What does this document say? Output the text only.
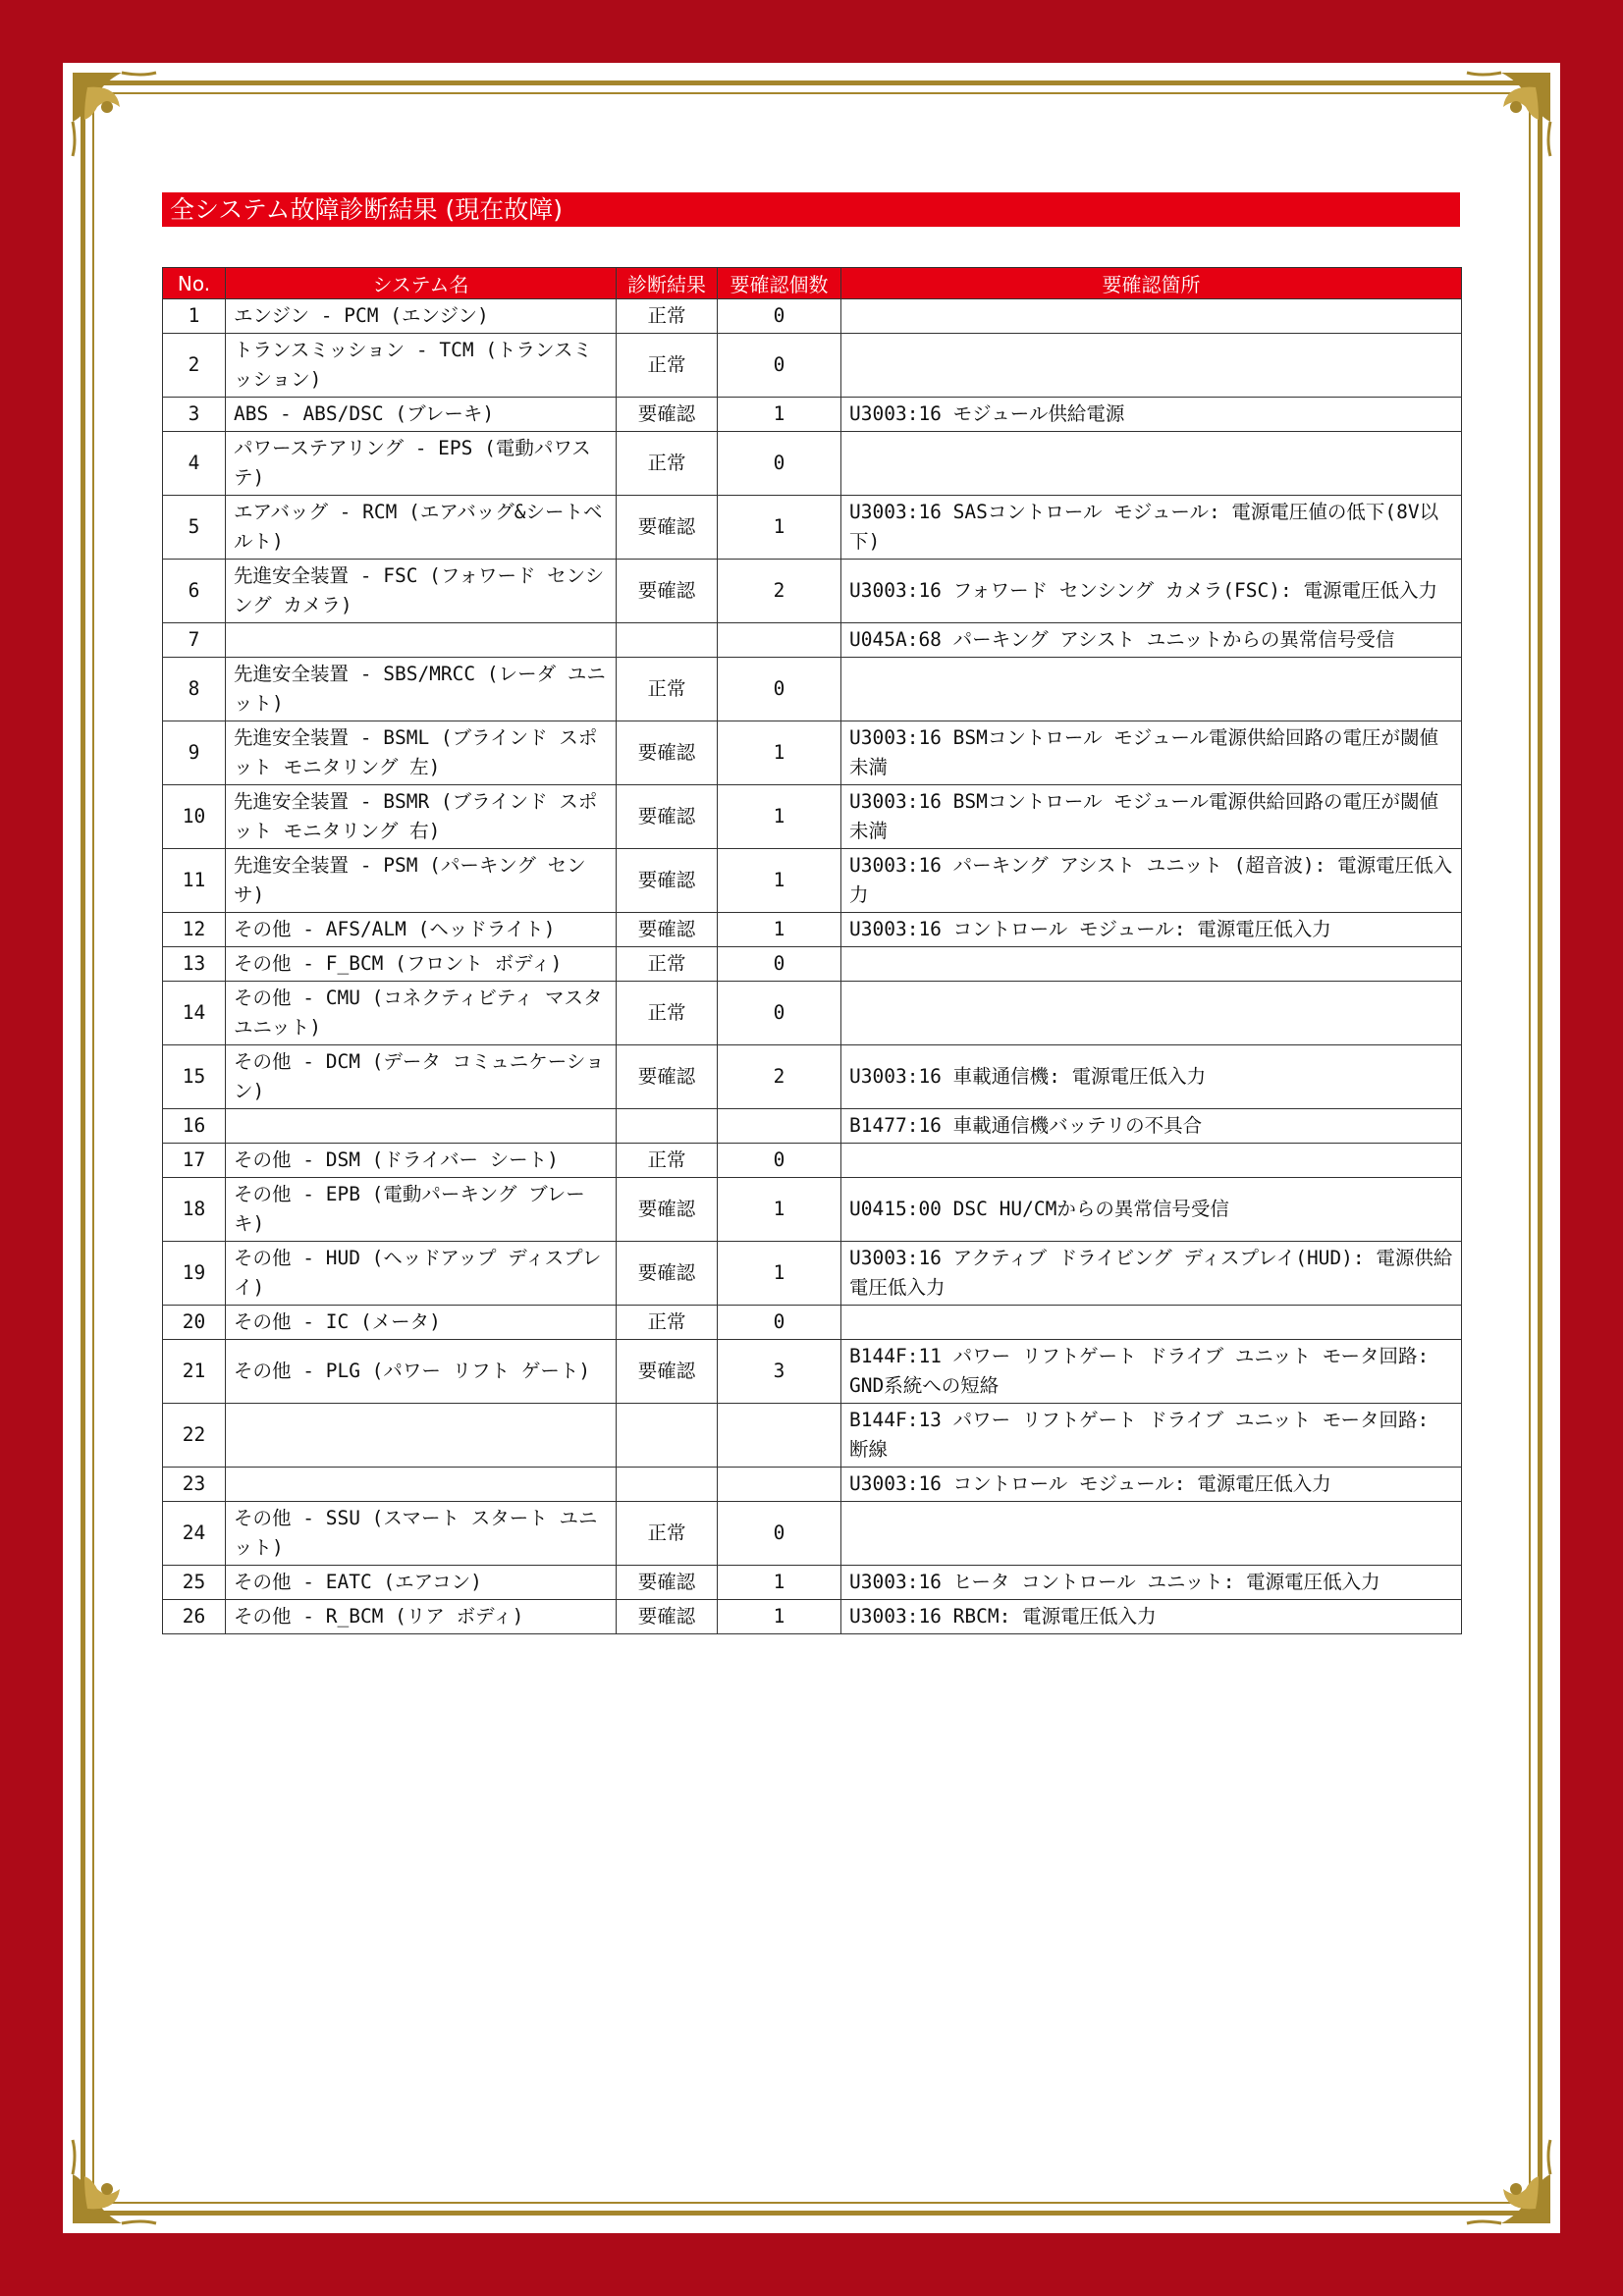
全システム故障診断結果 (現在故障)
No.	システム名	診断結果	要確認個数	要確認箇所
1	エンジン - PCM (エンジン)	正常	0	
2	トランスミッション - TCM (トランスミッション)	正常	0	
3	ABS - ABS/DSC (ブレーキ)	要確認	1	U3003:16 モジュール供給電源
4	パワーステアリング - EPS (電動パワステ)	正常	0	
5	エアバッグ - RCM (エアバッグ&シートベルト)	要確認	1	U3003:16 SASコントロール モジュール: 電源電圧値の低下(8V以下)
6	先進安全装置 - FSC (フォワード センシング カメラ)	要確認	2	U3003:16 フォワード センシング カメラ(FSC): 電源電圧低入力
7				U045A:68 パーキング アシスト ユニットからの異常信号受信
8	先進安全装置 - SBS/MRCC (レーダ ユニット)	正常	0	
9	先進安全装置 - BSML (ブラインド スポット モニタリング 左)	要確認	1	U3003:16 BSMコントロール モジュール電源供給回路の電圧が閾値未満
10	先進安全装置 - BSMR (ブラインド スポット モニタリング 右)	要確認	1	U3003:16 BSMコントロール モジュール電源供給回路の電圧が閾値未満
11	先進安全装置 - PSM (パーキング センサ)	要確認	1	U3003:16 パーキング アシスト ユニット (超音波): 電源電圧低入力
12	その他 - AFS/ALM (ヘッドライト)	要確認	1	U3003:16 コントロール モジュール: 電源電圧低入力
13	その他 - F_BCM (フロント ボディ)	正常	0	
14	その他 - CMU (コネクティビティ マスタ ユニット)	正常	0	
15	その他 - DCM (データ コミュニケーション)	要確認	2	U3003:16 車載通信機: 電源電圧低入力
16				B1477:16 車載通信機バッテリの不具合
17	その他 - DSM (ドライバー シート)	正常	0	
18	その他 - EPB (電動パーキング ブレーキ)	要確認	1	U0415:00 DSC HU/CMからの異常信号受信
19	その他 - HUD (ヘッドアップ ディスプレイ)	要確認	1	U3003:16 アクティブ ドライビング ディスプレイ(HUD): 電源供給電圧低入力
20	その他 - IC (メータ)	正常	0	
21	その他 - PLG (パワー リフト ゲート)	要確認	3	B144F:11 パワー リフトゲート ドライブ ユニット モータ回路: GND系統への短絡
22				B144F:13 パワー リフトゲート ドライブ ユニット モータ回路: 断線
23				U3003:16 コントロール モジュール: 電源電圧低入力
24	その他 - SSU (スマート スタート ユニット)	正常	0	
25	その他 - EATC (エアコン)	要確認	1	U3003:16 ヒータ コントロール ユニット: 電源電圧低入力
26	その他 - R_BCM (リア ボディ)	要確認	1	U3003:16 RBCM: 電源電圧低入力
